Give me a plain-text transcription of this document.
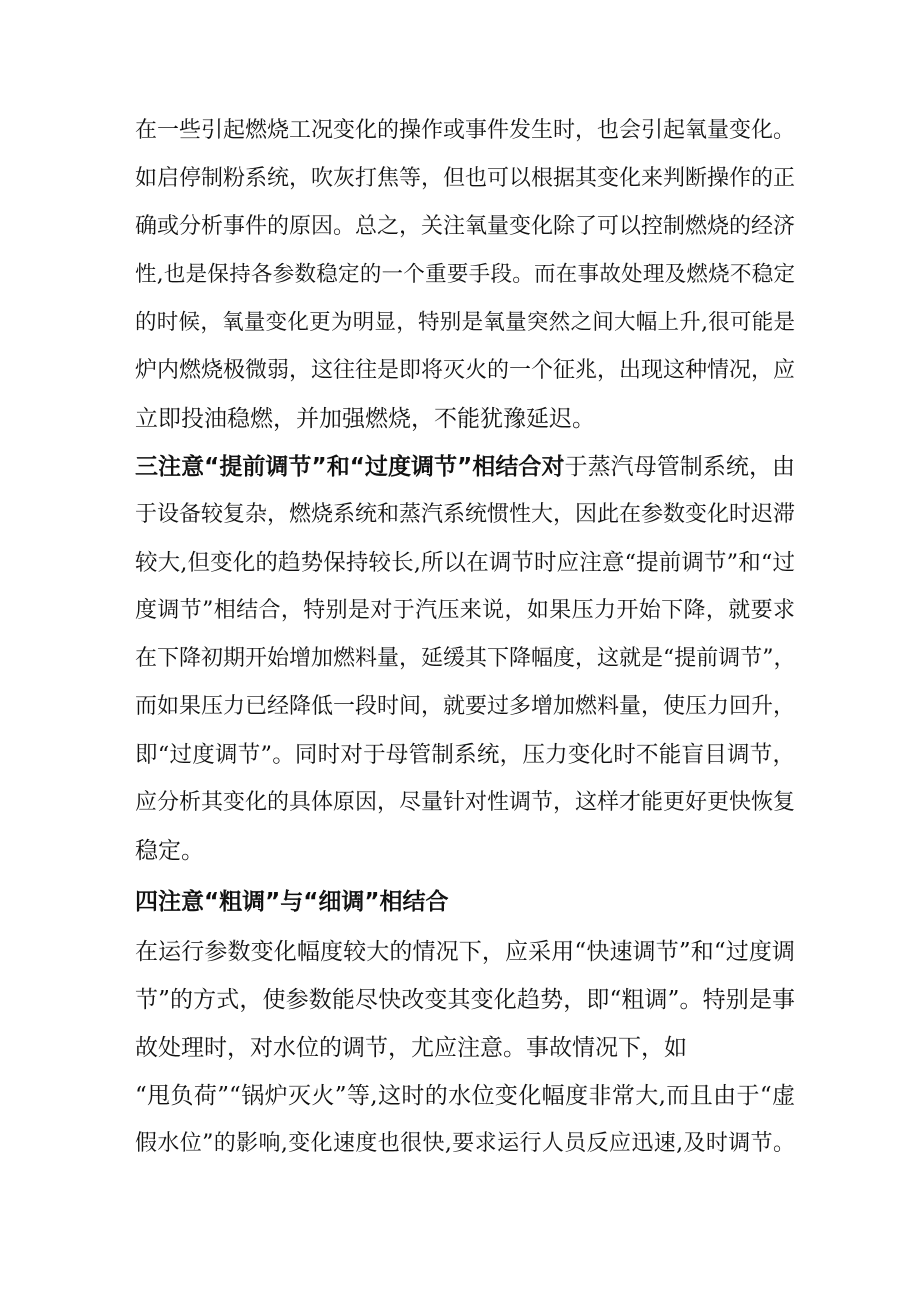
在一些引起燃烧工况变化的操作或事件发生时，也会引起氧量变化。
如启停制粉系统，吹灰打焦等，但也可以根据其变化来判断操作的正
确或分析事件的原因。总之，关注氧量变化除了可以控制燃烧的经济
性,也是保持各参数稳定的一个重要手段。而在事故处理及燃烧不稳定
的时候，氧量变化更为明显，特别是氧量突然之间大幅上升,很可能是
炉内燃烧极微弱，这往往是即将灭火的一个征兆，出现这种情况，应
立即投油稳燃，并加强燃烧，不能犹豫延迟。
三注意“提前调节”和“过度调节”相结合对于蒸汽母管制系统，由
于设备较复杂，燃烧系统和蒸汽系统惯性大，因此在参数变化时迟滞
较大,但变化的趋势保持较长,所以在调节时应注意“提前调节”和“过
度调节”相结合，特别是对于汽压来说，如果压力开始下降，就要求
在下降初期开始增加燃料量，延缓其下降幅度，这就是“提前调节”，
而如果压力已经降低一段时间，就要过多增加燃料量，使压力回升，
即“过度调节”。同时对于母管制系统，压力变化时不能盲目调节，
应分析其变化的具体原因，尽量针对性调节，这样才能更好更快恢复
稳定。
四注意“粗调”与“细调”相结合
在运行参数变化幅度较大的情况下，应采用“快速调节”和“过度调
节”的方式，使参数能尽快改变其变化趋势，即“粗调”。特别是事
故处理时，对水位的调节，尤应注意。事故情况下，如
“甩负荷”“锅炉灭火”等,这时的水位变化幅度非常大,而且由于“虚
假水位”的影响,变化速度也很快,要求运行人员反应迅速,及时调节。
